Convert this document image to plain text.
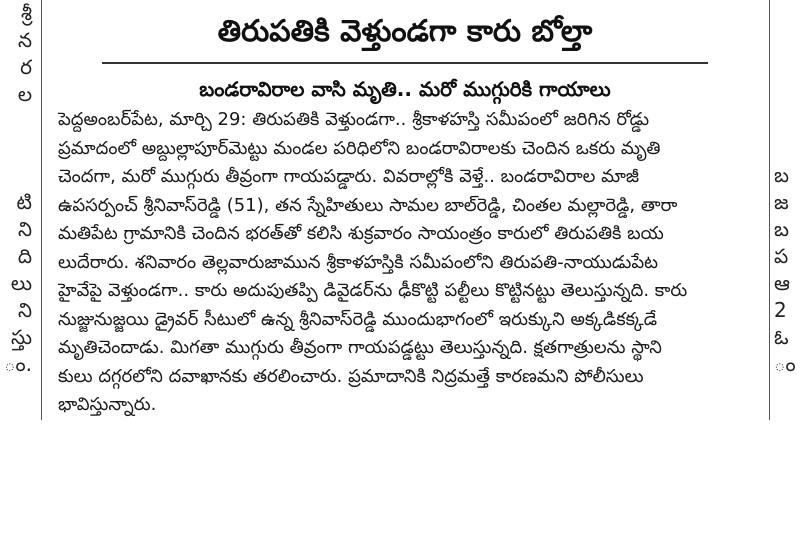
శ్రీ
న
ర
ల

టి
ని
ది
లు
ని
స్తు
ం.
తిరుపతికి వెళ్తుండగా కారు బోల్తా
బండరావిరాల వాసి మృతి.. మరో ముగ్గురికి గాయాలు
పెద్దఅంబర్‌పేట, మార్చి 29: తిరుపతికి వెళ్తుండగా.. శ్రీకాళహస్తి సమీపంలో జరిగిన రోడ్డు
ప్రమాదంలో అబ్దుల్లాపూర్‌మెట్టు మండల పరిధిలోని బండరావిరాలకు చెందిన ఒకరు మృతి
చెందగా, మరో ముగ్గురు తీవ్రంగా గాయపడ్డారు. వివరాల్లోకి వెళ్తే.. బండరావిరాల మాజీ
ఉపసర్పంచ్ శ్రీనివాస్‌రెడ్డి (51), తన స్నేహితులు సామల బాల్‌రెడ్డి, చింతల మల్లారెడ్డి, తారా
మతిపేట గ్రామానికి చెందిన భరత్‌తో కలిసి శుక్రవారం సాయంత్రం కారులో తిరుపతికి బయ
లుదేరారు. శనివారం తెల్లవారుజామున శ్రీకాళహస్తికి సమీపంలోని తిరుపతి-నాయుడుపేట
హైవేపై వెళ్తుండగా.. కారు అదుపుతప్పి డివైడర్‌ను ఢీకొట్టి పల్టీలు కొట్టినట్టు తెలుస్తున్నది. కారు
నుజ్జునుజ్జయి డ్రైవర్ సీటులో ఉన్న శ్రీనివాస్‌రెడ్డి ముందుభాగంలో ఇరుక్కుని అక్కడికక్కడే
మృతిచెందాడు. మిగతా ముగ్గురు తీవ్రంగా గాయపడ్డట్టు తెలుస్తున్నది. క్షతగాత్రులను స్థాని
కులు దగ్గరలోని దవాఖానకు తరలించారు. ప్రమాదానికి నిద్రమత్తే కారణమని పోలీసులు
భావిస్తున్నారు.

బ
జ
బ
ప
ఆ
2
ఓ
ం
